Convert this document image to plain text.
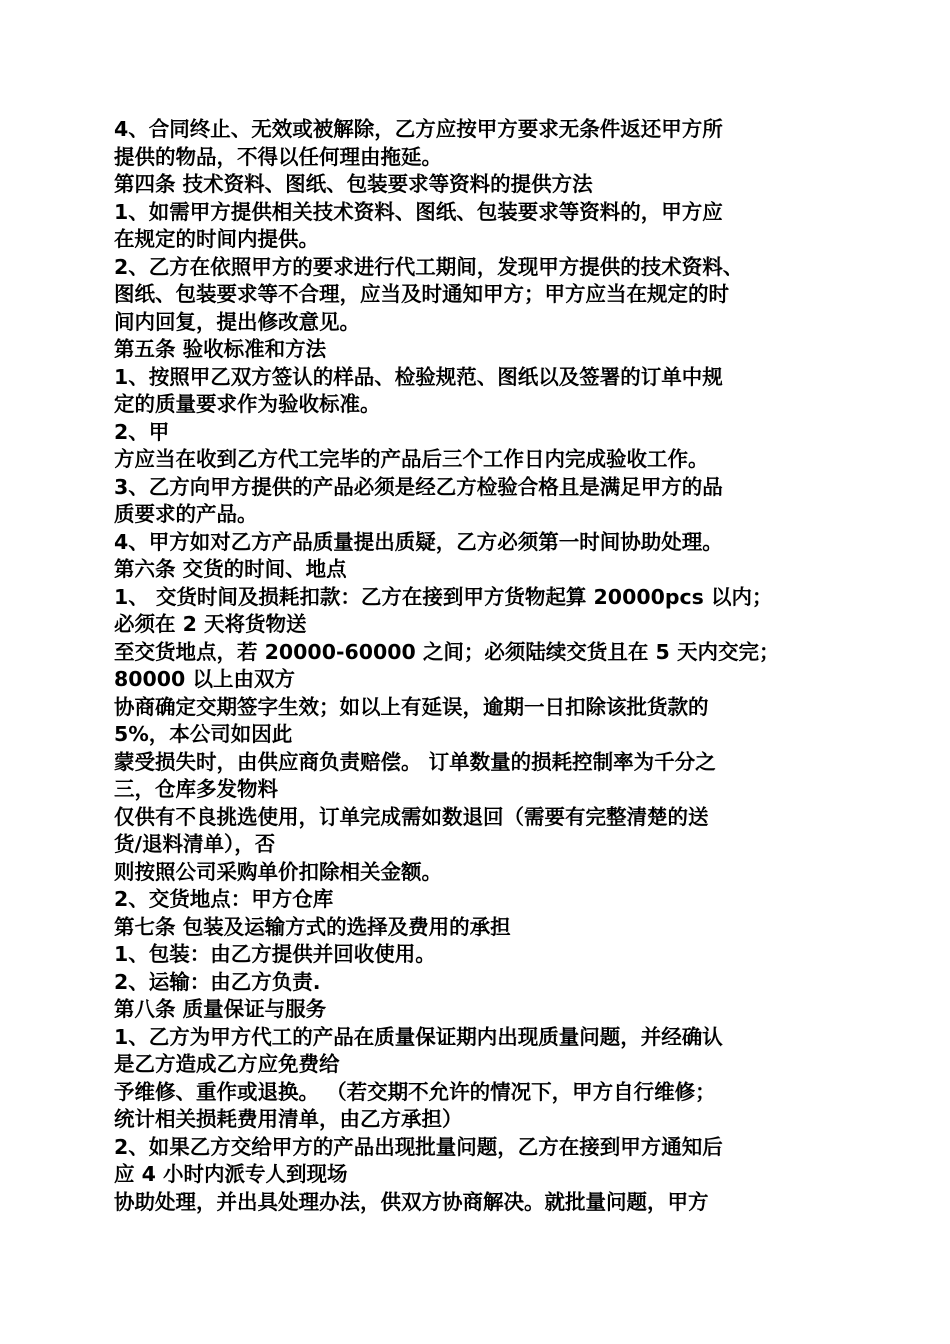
4、合同终止、无效或被解除，乙方应按甲方要求无条件返还甲方所
提供的物品，不得以任何理由拖延。
第四条 技术资料、图纸、包装要求等资料的提供方法
1、如需甲方提供相关技术资料、图纸、包装要求等资料的，甲方应
在规定的时间内提供。
2、乙方在依照甲方的要求进行代工期间，发现甲方提供的技术资料、
图纸、包装要求等不合理，应当及时通知甲方；甲方应当在规定的时
间内回复，提出修改意见。
第五条 验收标准和方法
1、按照甲乙双方签认的样品、检验规范、图纸以及签署的订单中规
定的质量要求作为验收标准。
2、甲
方应当在收到乙方代工完毕的产品后三个工作日内完成验收工作。
3、乙方向甲方提供的产品必须是经乙方检验合格且是满足甲方的品
质要求的产品。
4、甲方如对乙方产品质量提出质疑，乙方必须第一时间协助处理。
第六条 交货的时间、地点
1、 交货时间及损耗扣款：乙方在接到甲方货物起算 20000pcs 以内；
必须在 2 天将货物送
至交货地点，若 20000-60000 之间；必须陆续交货且在 5 天内交完；
80000 以上由双方
协商确定交期签字生效；如以上有延误，逾期一日扣除该批货款的
5%，本公司如因此
蒙受损失时，由供应商负责赔偿。 订单数量的损耗控制率为千分之
三，仓库多发物料
仅供有不良挑选使用，订单完成需如数退回（需要有完整清楚的送
货/退料清单），否
则按照公司采购单价扣除相关金额。
2、交货地点：甲方仓库
第七条 包装及运输方式的选择及费用的承担
1、包装：由乙方提供并回收使用。
2、运输：由乙方负责.
第八条 质量保证与服务
1、乙方为甲方代工的产品在质量保证期内出现质量问题，并经确认
是乙方造成乙方应免费给
予维修、重作或退换。 （若交期不允许的情况下，甲方自行维修；
统计相关损耗费用清单，由乙方承担）
2、如果乙方交给甲方的产品出现批量问题，乙方在接到甲方通知后
应 4 小时内派专人到现场
协助处理，并出具处理办法，供双方协商解决。就批量问题，甲方
